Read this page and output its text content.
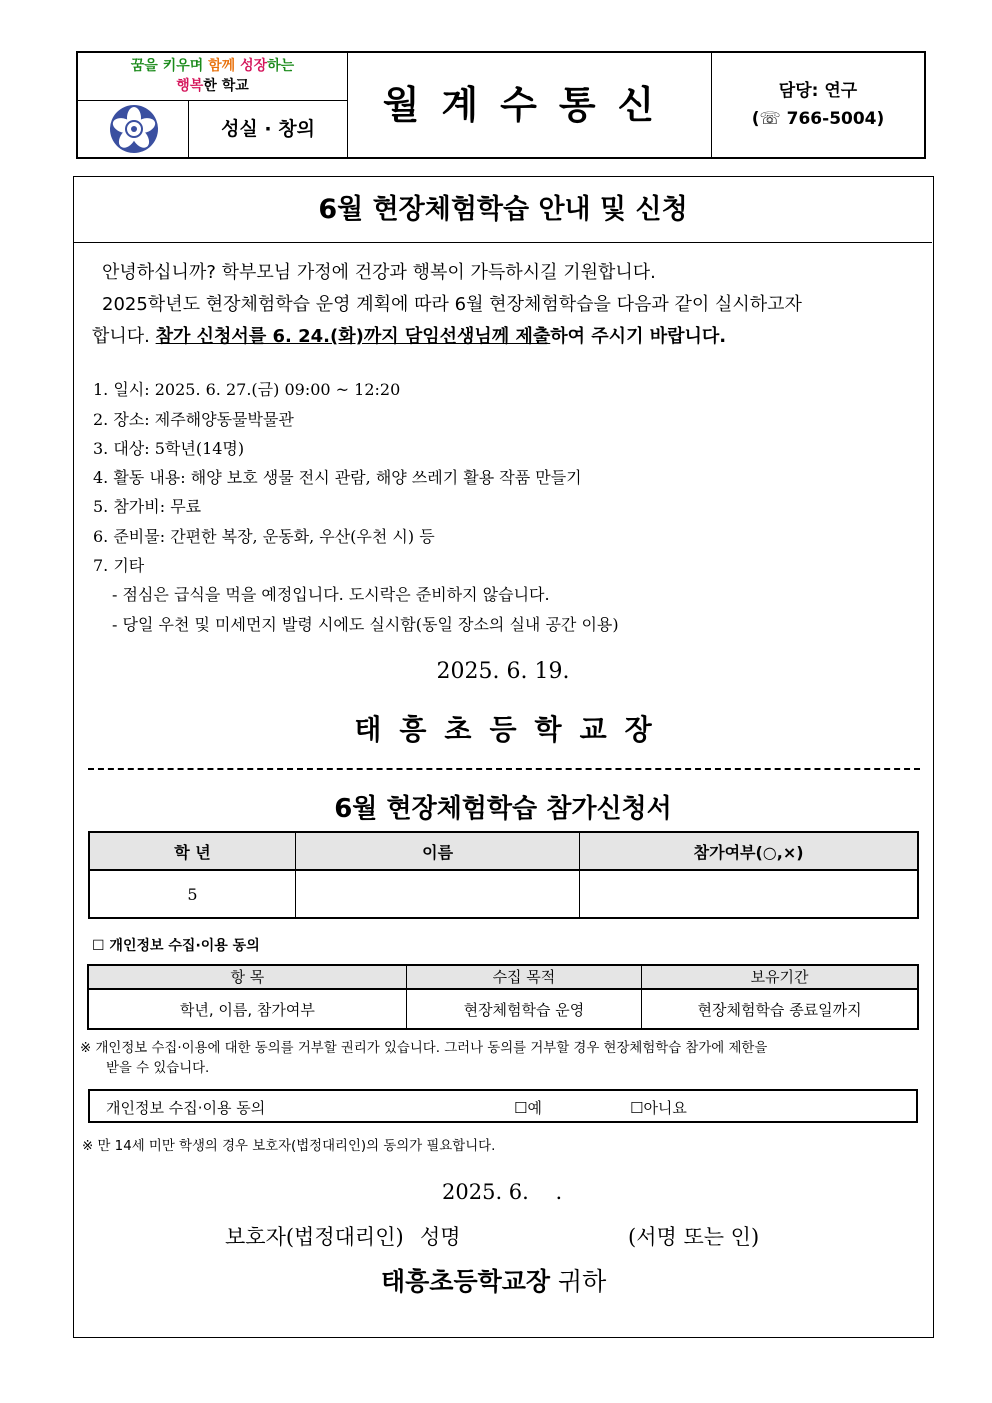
꿈을 키우며 함께 성장하는
행복한 학교
성실 · 창의
월계수통신	담당: 연구
(☏ 766-5004)
6월 현장체험학습 안내 및 신청
안녕하십니까? 학부모님 가정에 건강과 행복이 가득하시길 기원합니다.
2025학년도 현장체험학습 운영 계획에 따라 6월 현장체험학습을 다음과 같이 실시하고자
합니다. 참가 신청서를 6. 24.(화)까지 담임선생님께 제출하여 주시기 바랍니다.
1. 일시: 2025. 6. 27.(금) 09:00 ~ 12:20
2. 장소: 제주해양동물박물관
3. 대상: 5학년(14명)
4. 활동 내용: 해양 보호 생물 전시 관람, 해양 쓰레기 활용 작품 만들기
5. 참가비: 무료
6. 준비물: 간편한 복장, 운동화, 우산(우천 시) 등
7. 기타
- 점심은 급식을 먹을 예정입니다. 도시락은 준비하지 않습니다.
- 당일 우천 및 미세먼지 발령 시에도 실시함(동일 장소의 실내 공간 이용)
2025. 6. 19.
태흥초등학교장
6월 현장체험학습 참가신청서
학 년	이름	참가여부(○,×)
5		
☐ 개인정보 수집·이용 동의
항 목	수집 목적	보유기간
학년, 이름, 참가여부	현장체험학습 운영	현장체험학습 종료일까지
※ 개인정보 수집·이용에 대한 동의를 거부할 권리가 있습니다. 그러나 동의를 거부할 경우 현장체험학습 참가에 제한을
받을 수 있습니다.
개인정보 수집·이용 동의	☐예	☐아니요
※ 만 14세 미만 학생의 경우 보호자(법정대리인)의 동의가 필요합니다.
2025. 6.    .
보호자(법정대리인) 성명	(서명 또는 인)
태흥초등학교장 귀하
